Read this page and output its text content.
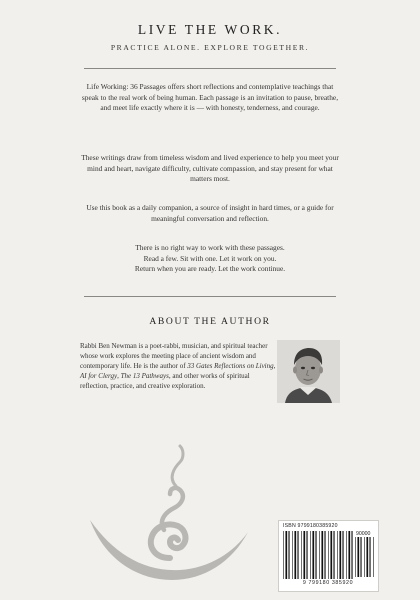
LIVE THE WORK.
PRACTICE ALONE. EXPLORE TOGETHER.
Life Working: 36 Passages offers short reflections and contemplative teachings that speak to the real work of being human. Each passage is an invitation to pause, breathe, and meet life exactly where it is — with honesty, tenderness, and courage.
These writings draw from timeless wisdom and lived experience to help you meet your mind and heart, navigate difficulty, cultivate compassion, and stay present for what matters most.
Use this book as a daily companion, a source of insight in hard times, or a guide for meaningful conversation and reflection.
There is no right way to work with these passages.
Read a few. Sit with one. Let it work on you.
Return when you are ready. Let the work continue.
ABOUT THE AUTHOR
Rabbi Ben Newman is a poet-rabbi, musician, and spiritual teacher whose work explores the meeting place of ancient wisdom and contemporary life. He is the author of 33 Gates Reflections on Living, AI for Clergy, The 13 Pathways, and other works of spiritual reflection, practice, and creative exploration.
ISBN 9799180385920
90000
9 799180 385920
